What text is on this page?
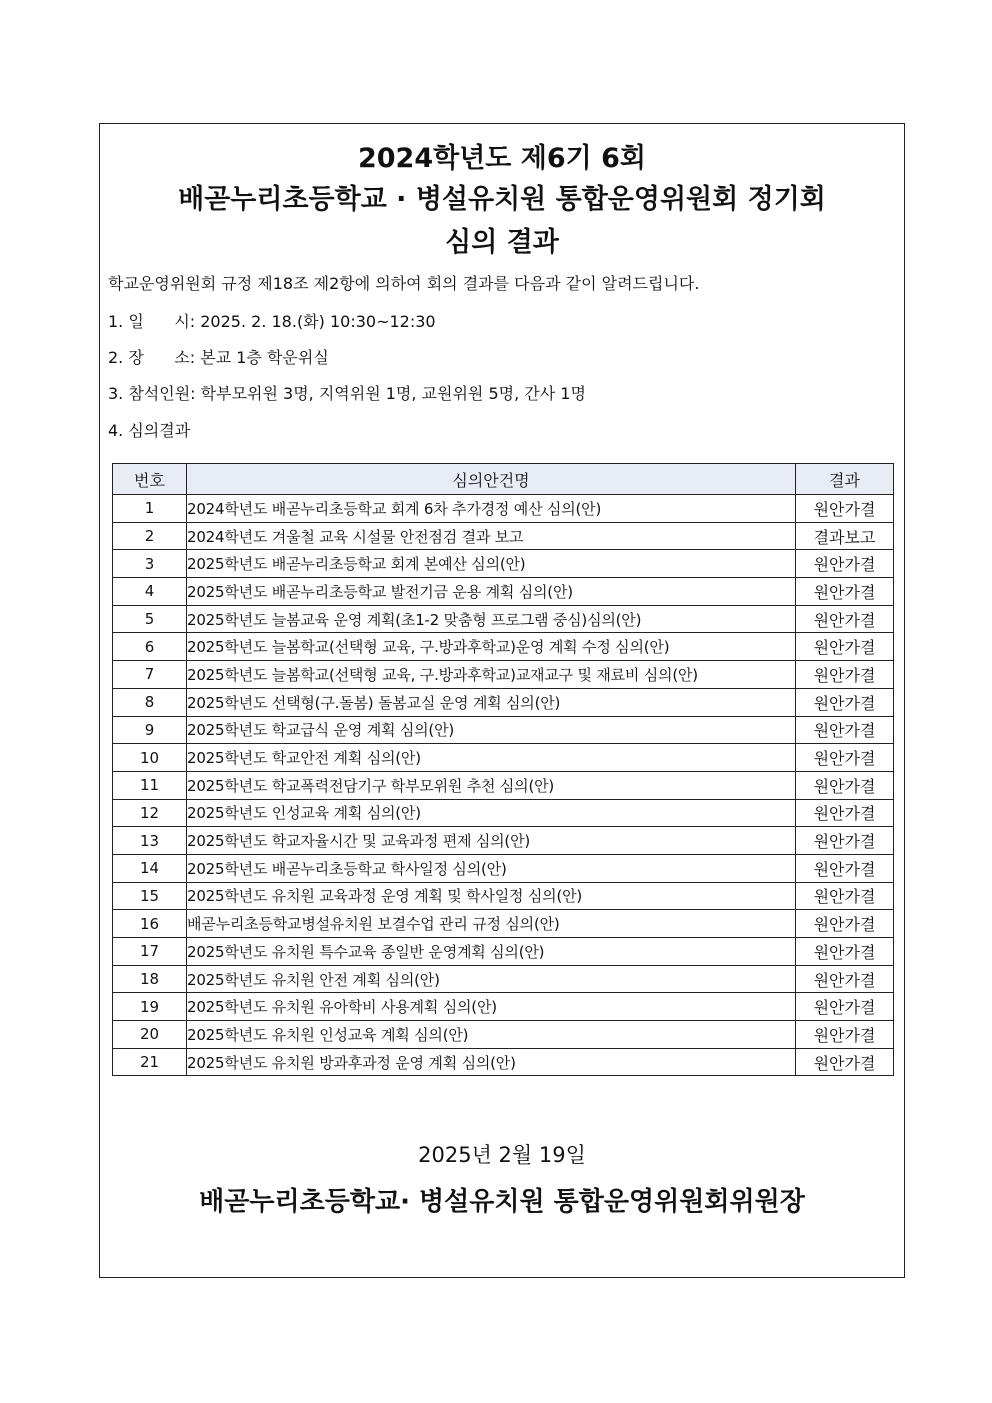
2024학년도 제6기 6회
배곧누리초등학교 · 병설유치원 통합운영위원회 정기회
심의 결과
학교운영위원회 규정 제18조 제2항에 의하여 회의 결과를 다음과 같이 알려드립니다.
1. 일      시: 2025. 2. 18.(화) 10:30~12:30
2. 장      소: 본교 1층 학운위실
3. 참석인원: 학부모위원 3명, 지역위원 1명, 교원위원 5명, 간사 1명
4. 심의결과
번호	심의안건명	결과
1	2024학년도 배곧누리초등학교 회계 6차 추가경정 예산 심의(안)	원안가결
2	2024학년도 겨울철 교육 시설물 안전점검 결과 보고	결과보고
3	2025학년도 배곧누리초등학교 회계 본예산 심의(안)	원안가결
4	2025학년도 배곧누리초등학교 발전기금 운용 계획 심의(안)	원안가결
5	2025학년도 늘봄교육 운영 계획(초1-2 맞춤형 프로그램 중심)심의(안)	원안가결
6	2025학년도 늘봄학교(선택형 교육, 구.방과후학교)운영 계획 수정 심의(안)	원안가결
7	2025학년도 늘봄학교(선택형 교육, 구.방과후학교)교재교구 및 재료비 심의(안)	원안가결
8	2025학년도 선택형(구.돌봄) 돌봄교실 운영 계획 심의(안)	원안가결
9	2025학년도 학교급식 운영 계획 심의(안)	원안가결
10	2025학년도 학교안전 계획 심의(안)	원안가결
11	2025학년도 학교폭력전담기구 학부모위원 추천 심의(안)	원안가결
12	2025학년도 인성교육 계획 심의(안)	원안가결
13	2025학년도 학교자율시간 및 교육과정 편제 심의(안)	원안가결
14	2025학년도 배곧누리초등학교 학사일정 심의(안)	원안가결
15	2025학년도 유치원 교육과정 운영 계획 및 학사일정 심의(안)	원안가결
16	배곧누리초등학교병설유치원 보결수업 관리 규정 심의(안)	원안가결
17	2025학년도 유치원 특수교육 종일반 운영계획 심의(안)	원안가결
18	2025학년도 유치원 안전 계획 심의(안)	원안가결
19	2025학년도 유치원 유아학비 사용계획 심의(안)	원안가결
20	2025학년도 유치원 인성교육 계획 심의(안)	원안가결
21	2025학년도 유치원 방과후과정 운영 계획 심의(안)	원안가결
2025년 2월 19일
배곧누리초등학교· 병설유치원 통합운영위원회위원장
